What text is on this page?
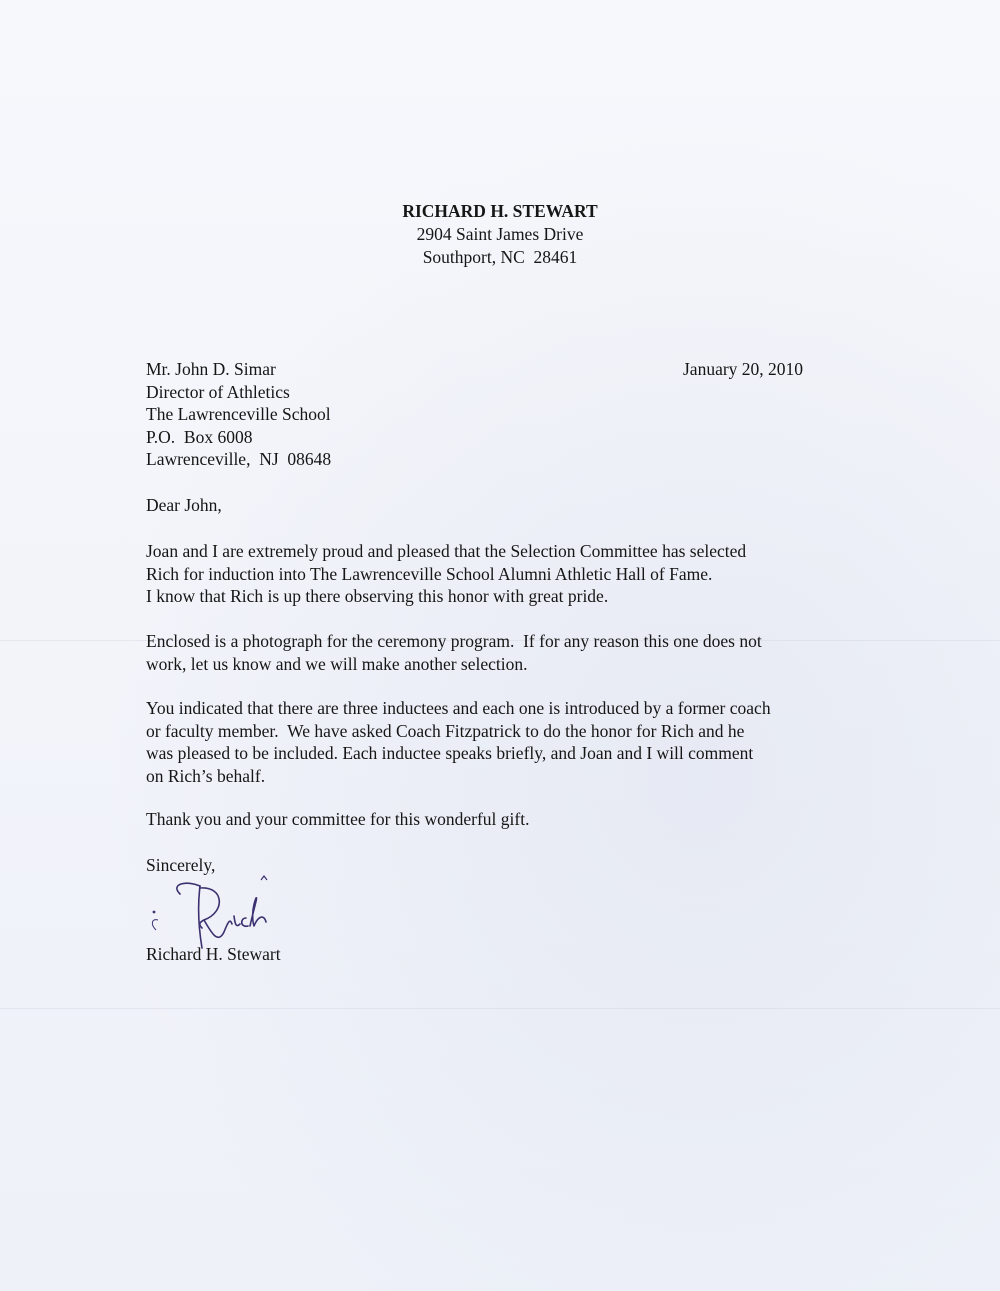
RICHARD H. STEWART
2904 Saint James Drive
Southport, NC  28461
January 20, 2010
Mr. John D. Simar
Director of Athletics
The Lawrenceville School
P.O.  Box 6008
Lawrenceville,  NJ  08648
Dear John,
Joan and I are extremely proud and pleased that the Selection Committee has selected
Rich for induction into The Lawrenceville School Alumni Athletic Hall of Fame.
I know that Rich is up there observing this honor with great pride.
Enclosed is a photograph for the ceremony program.  If for any reason this one does not
work, let us know and we will make another selection.
You indicated that there are three inductees and each one is introduced by a former coach
or faculty member.  We have asked Coach Fitzpatrick to do the honor for Rich and he
was pleased to be included. Each inductee speaks briefly, and Joan and I will comment
on Rich’s behalf.
Thank you and your committee for this wonderful gift.
Sincerely,
Richard H. Stewart
